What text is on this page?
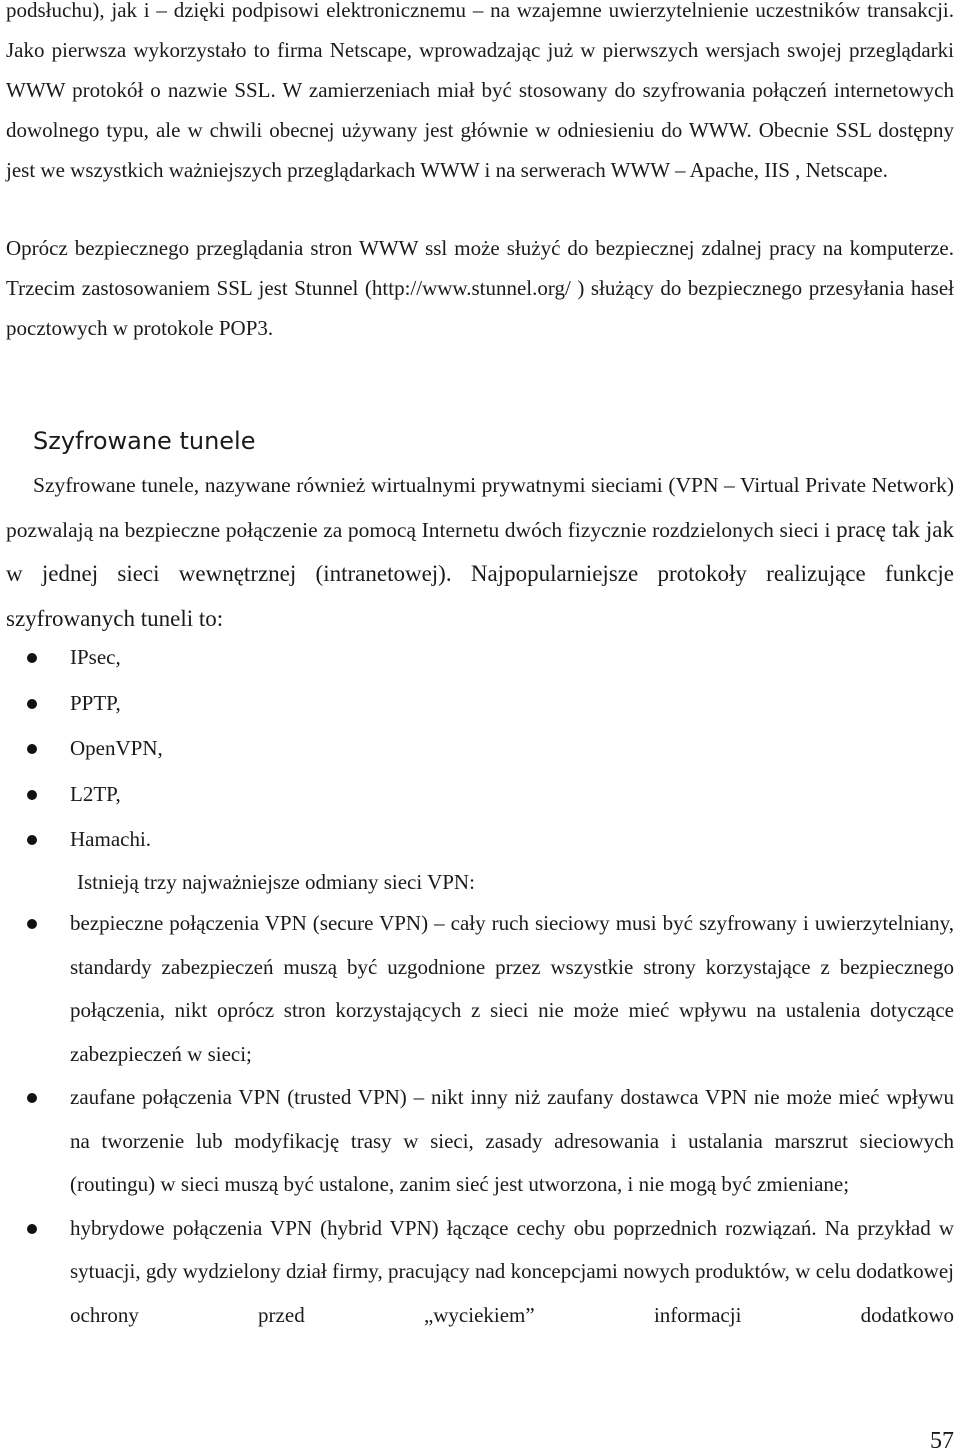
podsłuchu), jak i – dzięki podpisowi elektronicznemu – na wzajemne uwierzytelnienie uczestników transakcji. Jako pierwsza wykorzystało to firma Netscape, wprowadzając już w pierwszych wersjach swojej przeglądarki WWW protokół o nazwie SSL. W zamierzeniach miał być stosowany do szyfrowania połączeń internetowych dowolnego typu, ale w chwili obecnej używany jest głównie w odniesieniu do WWW. Obecnie SSL dostępny jest we wszystkich ważniejszych przeglądarkach WWW i na serwerach WWW – Apache, IIS , Netscape.

Oprócz bezpiecznego przeglądania stron WWW ssl może służyć do bezpiecznej zdalnej pracy na komputerze. Trzecim zastosowaniem SSL jest Stunnel (http://www.stunnel.org/ ) służący do bezpiecznego przesyłania haseł pocztowych w protokole POP3.

Szyfrowane tunele

Szyfrowane tunele, nazywane również wirtualnymi prywatnymi sieciami (VPN – Virtual Private Network) pozwalają na bezpieczne połączenie za pomocą Internetu dwóch fizycznie rozdzielonych sieci i pracę tak jak w jednej sieci wewnętrznej (intranetowej). Najpopularniejsze protokoły realizujące funkcje szyfrowanych tuneli to:

IPsec,
PPTP,
OpenVPN,
L2TP,
Hamachi.

Istnieją trzy najważniejsze odmiany sieci VPN:

bezpieczne połączenia VPN (secure VPN) – cały ruch sieciowy musi być szyfrowany i uwierzytelniany, standardy zabezpieczeń muszą być uzgodnione przez wszystkie strony korzystające z bezpiecznego połączenia, nikt oprócz stron korzystających z sieci nie może mieć wpływu na ustalenia dotyczące zabezpieczeń w sieci;
zaufane połączenia VPN (trusted VPN) – nikt inny niż zaufany dostawca VPN nie może mieć wpływu na tworzenie lub modyfikację trasy w sieci, zasady adresowania i ustalania marszrut sieciowych (routingu) w sieci muszą być ustalone, zanim sieć jest utworzona, i nie mogą być zmieniane;
hybrydowe połączenia VPN (hybrid VPN) łączące cechy obu poprzednich rozwiązań. Na przykład w sytuacji, gdy wydzielony dział firmy, pracujący nad koncepcjami nowych produktów, w celu dodatkowej ochrony przed „wyciekiem” informacji dodatkowo

57
